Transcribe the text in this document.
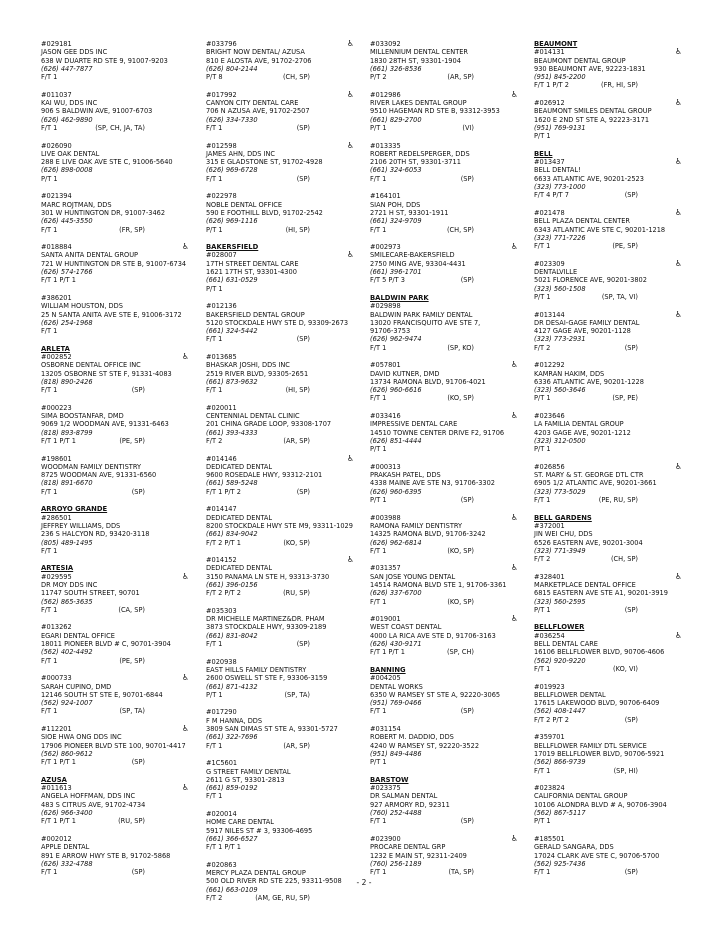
#029181
JASON GEE DDS INC
638 W DUARTE RD STE 9, 91007-9203
(626) 447-7877
F/T 1
#011037
KAI WU, DDS INC
906 S BALDWIN AVE, 91007-6703
(626) 462-9890
F/T 1	(SP, CH, JA, TA)
#026090
LIVE OAK DENTAL
288 E LIVE OAK AVE STE C, 91006-5640
(626) 898-0008
P/T 1
#021394
MARC ROJTMAN, DDS
301 W HUNTINGTON DR, 91007-3462
(626) 445-3550
F/T 1	(FR, SP)
#018884	♿
SANTA ANITA DENTAL GROUP
721 W HUNTINGTON DR STE B, 91007-6734
(626) 574-1766
F/T 1 P/T 1
#386201
WILLIAM HOUSTON, DDS
25 N SANTA ANITA AVE STE E, 91006-3172
(626) 254-1968
F/T 1
ARLETA
#002852	♿
OSBORNE DENTAL OFFICE INC
13205 OSBORNE ST STE F, 91331-4083
(818) 890-2426
F/T 1	(SP)
#000223
SIMA BOOSTANFAR, DMD
9069 1/2 WOODMAN AVE, 91331-6463
(818) 893-8799
F/T 1 P/T 1	(PE, SP)
#198601
WOODMAN FAMILY DENTISTRY
8725 WOODMAN AVE, 91331-6560
(818) 891-6670
F/T 1	(SP)
ARROYO GRANDE
#286501
JEFFREY WILLIAMS, DDS
236 S HALCYON RD, 93420-3118
(805) 489-1495
F/T 1
ARTESIA
#029595	♿
DR MOY DDS INC
11747 SOUTH STREET, 90701
(562) 865-3635
F/T 1	(CA, SP)
#013262
EGARI DENTAL OFFICE
18011 PIONEER BLVD # C, 90701-3904
(562) 402-4492
F/T 1	(PE, SP)
#000733	♿
SARAH CUPINO, DMD
12146 SOUTH ST STE E, 90701-6844
(562) 924-1007
F/T 1	(SP, TA)
#112201	♿
SIOE HWA ONG DDS INC
17906 PIONEER BLVD STE 100, 90701-4417
(562) 860-9612
F/T 1 P/T 1	(SP)
AZUSA
#011613	♿
ANGELA HOFFMAN, DDS INC
483 S CITRUS AVE, 91702-4734
(626) 966-3400
F/T 1 P/T 1	(RU, SP)
#002012
APPLE DENTAL
891 E ARROW HWY STE B, 91702-5868
(626) 332-4788
F/T 1	(SP)
#033796	♿
BRIGHT NOW DENTAL/ AZUSA
810 E ALOSTA AVE, 91702-2706
(626) 804-2144
P/T 8	(CH, SP)
#017992	♿
CANYON CITY DENTAL CARE
706 N AZUSA AVE, 91702-2507
(626) 334-7330
F/T 1	(SP)
#012598	♿
JAMES AHN, DDS INC
315 E GLADSTONE ST, 91702-4928
(626) 969-6728
F/T 1	(SP)
#022978
NOBLE DENTAL OFFICE
590 E FOOTHILL BLVD, 91702-2542
(626) 969-1116
P/T 1	(HI, SP)
BAKERSFIELD
#028007	♿
17TH STREET DENTAL CARE
1621 17TH ST, 93301-4300
(661) 631-0529
P/T 1
#012136
BAKERSFIELD DENTAL GROUP
5120 STOCKDALE HWY STE D, 93309-2673
(661) 324-5442
F/T 1	(SP)
#013685
BHASKAR JOSHI, DDS INC
2519 RIVER BLVD, 93305-2651
(661) 873-9632
F/T 1	(HI, SP)
#020011
CENTENNIAL DENTAL CLINIC
201 CHINA GRADE LOOP, 93308-1707
(661) 393-4333
F/T 2	(AR, SP)
#014146	♿
DEDICATED DENTAL
9600 ROSEDALE HWY, 93312-2101
(661) 589-5248
F/T 1 P/T 2	(SP)
#014147
DEDICATED DENTAL
8200 STOCKDALE HWY STE M9, 93311-1029
(661) 834-9042
F/T 2 P/T 1	(KO, SP)
#014152	♿
DEDICATED DENTAL
3150 PANAMA LN STE H, 93313-3730
(661) 396-0156
F/T 2 P/T 2	(RU, SP)
#035303
DR MICHELLE MARTINEZ&DR. PHAM
3873 STOCKDALE HWY, 93309-2189
(661) 831-8042
F/T 1	(SP)
#020938
EAST HILLS FAMILY DENTISTRY
2600 OSWELL ST STE F, 93306-3159
(661) 871-4132
P/T 1	(SP, TA)
#017290
F M HANNA, DDS
3809 SAN DIMAS ST STE A, 93301-5727
(661) 322-7696
F/T 1	(AR, SP)
#1C5601
G STREET FAMILY DENTAL
2611 G ST, 93301-2813
(661) 859-0192
F/T 1
#020014
HOME CARE DENTAL
5917 NILES ST # 3, 93306-4695
(661) 366-6527
F/T 1 P/T 1
#020863
MERCY PLAZA DENTAL GROUP
500 OLD RIVER RD STE 225, 93311-9508
(661) 663-0109
F/T 2	(AM, GE, RU, SP)
#033092
MILLENNIUM DENTAL CENTER
1830 28TH ST, 93301-1904
(661) 326-8536
P/T 2	(AR, SP)
#012986	♿
RIVER LAKES DENTAL GROUP
9510 HAGEMAN RD STE B, 93312-3953
(661) 829-2700
P/T 1	(VI)
#013335
ROBERT REDELSPERGER, DDS
2106 20TH ST, 93301-3711
(661) 324-6053
F/T 1	(SP)
#164101
SIAN POH, DDS
2721 H ST, 93301-1911
(661) 324-9709
F/T 1	(CH, SP)
#002973	♿
SMILECARE-BAKERSFIELD
2750 MING AVE, 93304-4431
(661) 396-1701
F/T 5 P/T 3	(SP)
BALDWIN PARK
#029898
BALDWIN PARK FAMILY DENTAL
13020 FRANCISQUITO AVE STE 7,
91706-3753
(626) 962-9474
F/T 1	(SP, KO)
#057801	♿
DAVID KUTNER, DMD
13734 RAMONA BLVD, 91706-4021
(626) 960-6616
F/T 1	(KO, SP)
#033416	♿
IMPRESSIVE DENTAL CARE
14510 TOWNE CENTER DRIVE F2, 91706
(626) 851-4444
P/T 1
#000313
PRAKASH PATEL, DDS
4338 MAINE AVE STE N3, 91706-3302
(626) 960-6395
P/T 1	(SP)
#003988	♿
RAMONA FAMILY DENTISTRY
14325 RAMONA BLVD, 91706-3242
(626) 962-6814
F/T 1	(KO, SP)
#031357	♿
SAN JOSE YOUNG DENTAL
14514 RAMONA BLVD STE 1, 91706-3361
(626) 337-6700
F/T 1	(KO, SP)
#019001	♿
WEST COAST DENTAL
4000 LA RICA AVE STE D, 91706-3163
(626) 430-9171
F/T 1 P/T 1	(SP, CH)
BANNING
#004205
DENTAL WORKS
6350 W RAMSEY ST STE A, 92220-3065
(951) 769-0466
F/T 1	(SP)
#031154
ROBERT M. DADDIO, DDS
4240 W RAMSEY ST, 92220-3522
(951) 849-4486
P/T 1
BARSTOW
#023375
DR SALMAN DENTAL
927 ARMORY RD, 92311
(760) 252-4488
F/T 1	(SP)
#023900	♿
PROCARE DENTAL GRP
1232 E MAIN ST, 92311-2409
(760) 256-1189
F/T 1	(TA, SP)
BEAUMONT
#014131	♿
BEAUMONT DENTAL GROUP
930 BEAUMONT AVE, 92223-1831
(951) 845-2200
F/T 1 P/T 2	(FR, HI, SP)
#026912	♿
BEAUMONT SMILES DENTAL GROUP
1620 E 2ND ST STE A, 92223-3171
(951) 769-9131
P/T 1
BELL
#013437	♿
BELL DENTAL!
6633 ATLANTIC AVE, 90201-2523
(323) 773-1000
F/T 4 P/T 7	(SP)
#021478	♿
BELL PLAZA DENTAL CENTER
6343 ATLANTIC AVE STE C, 90201-1218
(323) 771-7226
F/T 1	(PE, SP)
#023309	♿
DENTALVILLE
5021 FLORENCE AVE, 90201-3802
(323) 560-1508
P/T 1	(SP, TA, VI)
#013144	♿
DR DESAI-GAGE FAMILY DENTAL
4127 GAGE AVE, 90201-1128
(323) 773-2931
F/T 2	(SP)
#012292
KAMRAN HAKIM, DDS
6336 ATLANTIC AVE, 90201-1228
(323) 560-3646
P/T 1	(SP, PE)
#023646
LA FAMILIA DENTAL GROUP
4203 GAGE AVE, 90201-1212
(323) 312-0500
P/T 1
#026856	♿
ST. MARY & ST. GEORGE DTL CTR
6905 1/2 ATLANTIC AVE, 90201-3661
(323) 773-5029
F/T 1	(PE, RU, SP)
BELL GARDENS
#372001
JIN WEI CHU, DDS
6526 EASTERN AVE, 90201-3004
(323) 771-3949
F/T 2	(CH, SP)
#328401	♿
MARKETPLACE DENTAL OFFICE
6815 EASTERN AVE STE A1, 90201-3919
(323) 560-2595
P/T 1	(SP)
BELLFLOWER
#036254	♿
BELL DENTAL CARE
16106 BELLFLOWER BLVD, 90706-4606
(562) 920-9220
F/T 1	(KO, VI)
#019923
BELLFLOWER DENTAL
17615 LAKEWOOD BLVD, 90706-6409
(562) 408-1447
F/T 2 P/T 2	(SP)
#359701
BELLFLOWER FAMILY DTL SERVICE
17019 BELLFLOWER BLVD, 90706-5921
(562) 866-9739
F/T 1	(SP, HI)
#023824
CALIFORNIA DENTAL GROUP
10106 ALONDRA BLVD # A, 90706-3904
(562) 867-5117
P/T 1
#185501
GERALD SANGARA, DDS
17024 CLARK AVE STE C, 90706-5700
(562) 925-7436
F/T 1	(SP)
- 2 -
